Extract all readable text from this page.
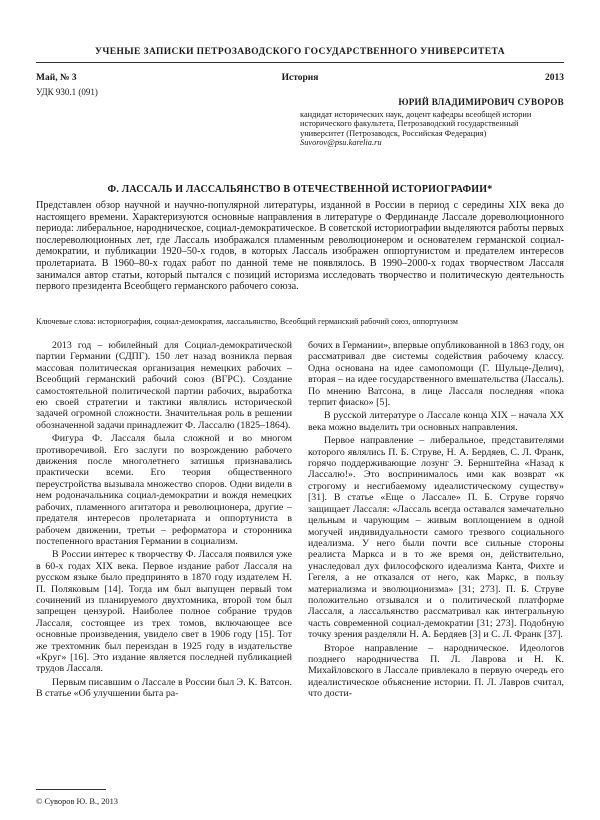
УЧЕНЫЕ ЗАПИСКИ ПЕТРОЗАВОДСКОГО ГОСУДАРСТВЕННОГО УНИВЕРСИТЕТА
Май, № 3	История	2013
УДК 930.1 (091)
ЮРИЙ ВЛАДИМИРОВИЧ СУВОРОВ
кандидат исторических наук, доцент кафедры всеобщей истории исторического факультета, Петрозаводский государственный университет (Петрозаводск, Российская Федерация)
Suvorov@psu.karelia.ru
Ф. ЛАССАЛЬ И ЛАССАЛЬЯНСТВО В ОТЕЧЕСТВЕННОЙ ИСТОРИОГРАФИИ*

Представлен обзор научной и научно-популярной литературы, изданной в России в период с середины XIX века до настоящего времени. Характеризуются основные направления в литературе о Фердинанде Лассале дореволюционного периода: либеральное, народническое, социал-демократическое. В советской историографии выделяются работы первых послереволюционных лет, где Лассаль изображался пламенным революционером и основателем германской социал-демократии, и публикации 1920–50-х годов, в которых Лассаль изображен оппортунистом и предателем интересов пролетариата. В 1960–80-х годах работ по данной теме не появлялось. В 1990–2000-х годах творчеством Лассаля занимался автор статьи, который пытался с позиций историзма исследовать творчество и политическую деятельность первого президента Всеобщего германского рабочего союза.

Ключевые слова: историография, социал-демократия, лассальянство, Всеобщий германский рабочий союз, оппортунизм

2013 год – юбилейный для Социал-демократической партии Германии (СДПГ). 150 лет назад возникла первая массовая политическая организация немецких рабочих – Всеобщий германский рабочий союз (ВГРС). Создание самостоятельной политической партии рабочих, выработка ею своей стратегии и тактики являлись исторической задачей огромной сложности. Значительная роль в решении обозначенной задачи принадлежит Ф. Лассалю (1825–1864).

Фигура Ф. Лассаля была сложной и во многом противоречивой. Его заслуги по возрождению рабочего движения после многолетнего затишья признавались практически всеми. Его теория общественного переустройства вызывала множество споров. Одни видели в нем родоначальника социал-демократии и вождя немецких рабочих, пламенного агитатора и революционера, другие – предателя интересов пролетариата и оппортуниста в рабочем движении, третьи – реформатора и сторонника постепенного врастания Германии в социализм.

В России интерес к творчеству Ф. Лассаля появился уже в 60-х годах XIX века. Первое издание работ Лассаля на русском языке было предпринято в 1870 году издателем Н. П. Поляковым [14]. Тогда им был выпущен первый том сочинений из планируемого двухтомника, второй том был запрещен цензурой. Наиболее полное собрание трудов Лассаля, состоящее из трех томов, включающее все основные произведения, увидело свет в 1906 году [15]. Тот же трехтомник был переиздан в 1925 году в издательстве «Круг» [16]. Это издание является последней публикацией трудов Лассаля.

Первым писавшим о Лассале в России был Э. К. Ватсон. В статье «Об улучшении быта ра-

бочих в Германии», впервые опубликованной в 1863 году, он рассматривал две системы содействия рабочему классу. Одна основана на идее самопомощи (Г. Шульце-Делич), вторая – на идее государственного вмешательства (Лассаль). По мнению Ватсона, в лице Лассаля последняя «пока терпит фиаско» [5].

В русской литературе о Лассале конца XIX – начала XX века можно выделить три основных направления.

Первое направление – либеральное, представителями которого являлись П. Б. Струве, Н. А. Бердяев, С. Л. Франк, горячо поддерживающие лозунг Э. Бернштейна «Назад к Лассалю!». Это воспринималось ими как возврат «к строгому и несгибаемому идеалистическому существу» [31]. В статье «Еще о Лассале» П. Б. Струве горячо защищает Лассаля: «Лассаль всегда оставался замечательно цельным и чарующим – живым воплощением в одной могучей индивидуальности самого трезвого социального идеализма. У него были почти все сильные стороны реалиста Маркса и в то же время он, действительно, унаследовал дух философского идеализма Канта, Фихте и Гегеля, а не отказался от него, как Маркс, в пользу материализма и эволюционизма» [31; 273]. П. Б. Струве положительно отзывался и о политической платформе Лассаля, а лассальянство рассматривал как интегральную часть современной социал-демократии [31; 273]. Подобную точку зрения разделяли Н. А. Бердяев [3] и С. Л. Франк [37].

Второе направление – народническое. Идеологов позднего народничества П. Л. Лаврова и Н. К. Михайловского в Лассале привлекало в первую очередь его идеалистическое объяснение истории. П. Л. Лавров считал, что дости-

© Суворов Ю. В., 2013
